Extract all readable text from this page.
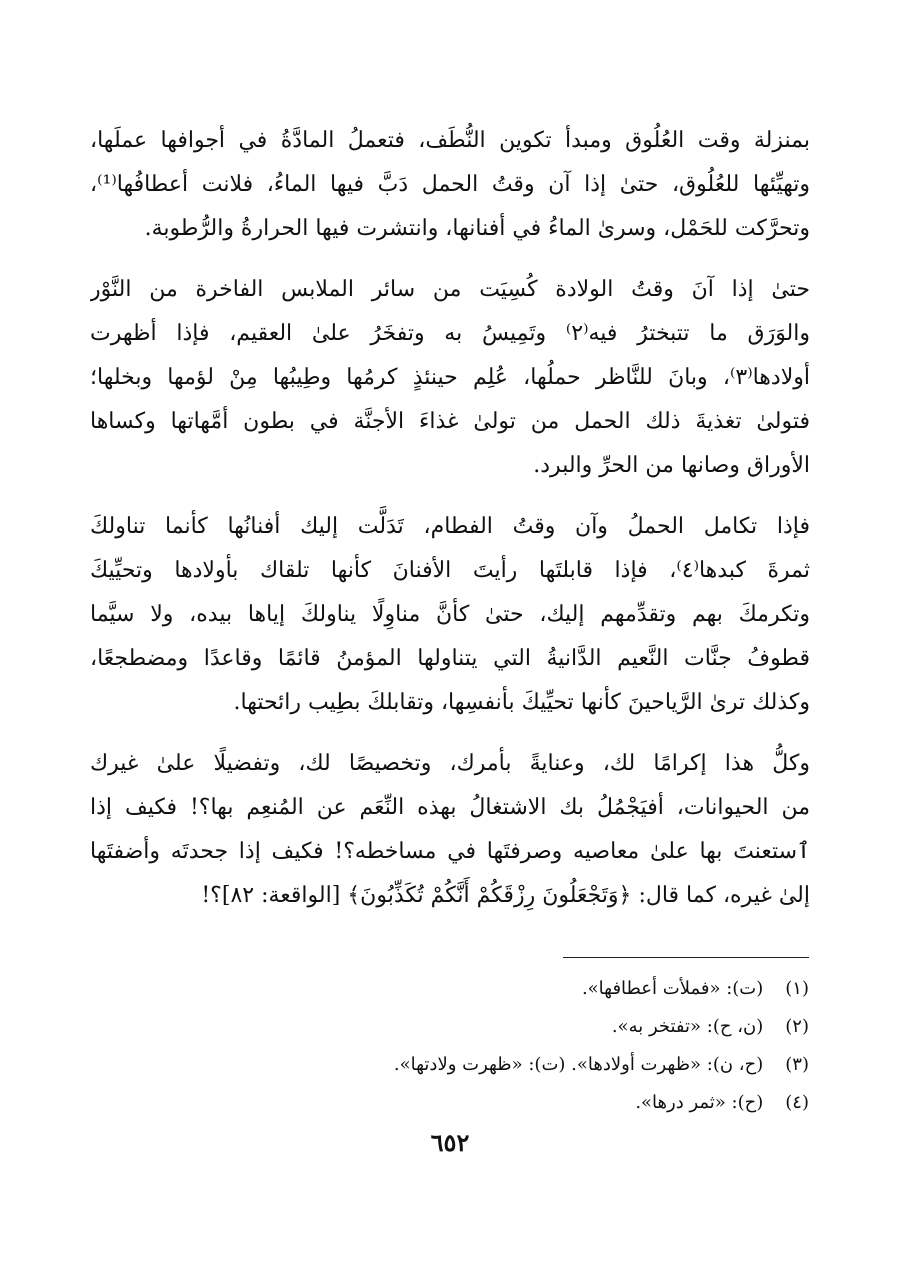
بمنزلة وقت العُلُوق ومبدأ تكوين النُّطَف، فتعملُ المادَّةُ في أجوافها عملَها،
وتهيِّئها للعُلُوق، حتىٰ إذا آن وقتُ الحمل دَبَّ فيها الماءُ، فلانت أعطافُها⁽¹⁾،
وتحرَّكت للحَمْل، وسرىٰ الماءُ في أفنانها، وانتشرت فيها الحرارةُ والرُّطوبة.

حتىٰ إذا آنَ وقتُ الولادة كُسِيَت من سائر الملابس الفاخرة من النَّوْر
والوَرَق ما تتبخترُ فيه⁽٢⁾ وتَمِيسُ به وتفخَرُ علىٰ العقيم، فإذا أظهرت
أولادها⁽٣⁾، وبانَ للنَّاظر حملُها، عُلِم حينئذٍ كرمُها وطِيبُها مِنْ لؤمها وبخلها؛
فتولىٰ تغذيةَ ذلك الحمل من تولىٰ غذاءَ الأجنَّة في بطون أمَّهاتها وكساها
الأوراق وصانها من الحرِّ والبرد.

فإذا تكامل الحملُ وآن وقتُ الفطام، تَدَلَّت إليك أفنانُها كأنما تناولكَ
ثمرةَ كبدها⁽٤⁾، فإذا قابلتَها رأيتَ الأفنانَ كأنها تلقاك بأولادها وتحيِّيكَ
وتكرمكَ بهم وتقدِّمهم إليك، حتىٰ كأنَّ مناوِلًا يناولكَ إياها بيده، ولا سيَّما
قطوفُ جنَّات النَّعيم الدَّانيةُ التي يتناولها المؤمنُ قائمًا وقاعدًا ومضطجعًا،
وكذلك ترىٰ الرَّياحينَ كأنها تحيِّيكَ بأنفسِها، وتقابلكَ بطِيب رائحتها.

وكلُّ هذا إكرامًا لك، وعنايةً بأمرك، وتخصيصًا لك، وتفضيلًا علىٰ غيرك
من الحيوانات، أفيَجْمُلُ بك الاشتغالُ بهذه النِّعَم عن المُنعِم بها؟! فكيف إذا
ٱستعنتَ بها علىٰ معاصيه وصرفتَها في مساخطه؟! فكيف إذا جحدتَه وأضفتَها
إلىٰ غيره، كما قال: ﴿وَتَجْعَلُونَ رِزْقَكُمْ أَنَّكُمْ تُكَذِّبُونَ﴾ [الواقعة: ٨٢]؟!

(١) (ت): «فملأت أعطافها».
(٢) (ن، ح): «تفتخر به».
(٣) (ح، ن): «ظهرت أولادها». (ت): «ظهرت ولادتها».
(٤) (ح): «ثمر درها».
٦٥٢
